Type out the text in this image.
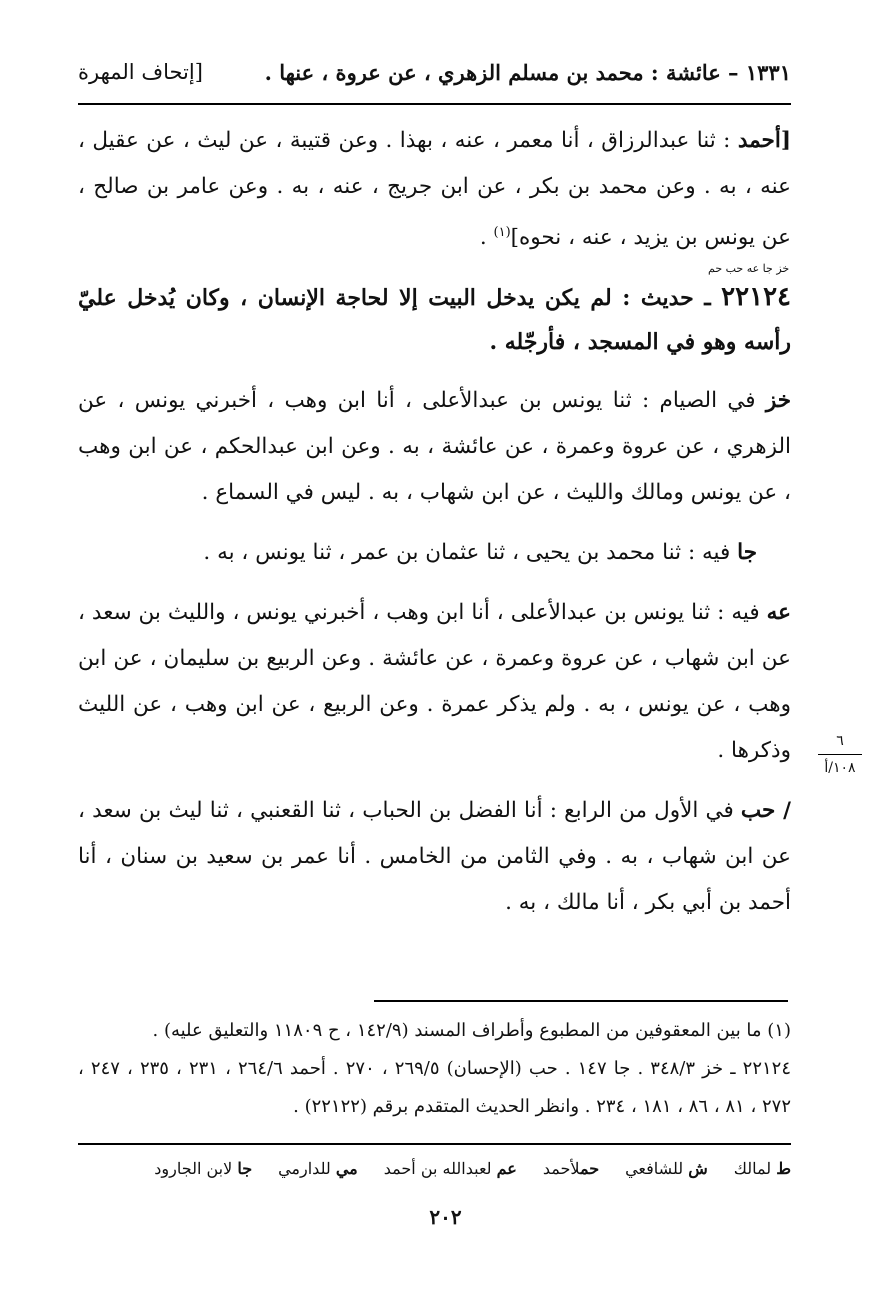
١٣٣١ – عائشة : محمد بن مسلم الزهري ، عن عروة ، عنها .
[إتحاف المهرة

[أحمد : ثنا عبدالرزاق ، أنا معمر ، عنه ، بهذا . وعن قتيبة ، عن ليث ، عن عقيل ، عنه ، به . وعن محمد بن بكر ، عن ابن جريج ، عنه ، به . وعن عامر بن صالح ، عن يونس بن يزيد ، عنه ، نحوه]$^{(١)}$ .

خز جا عه حب حم
٢٢١٢٤ ـ حديث : لم يكن يدخل البيت إلا لحاجة الإنسان ، وكان يُدخل عليّ رأسه وهو في المسجد ، فأرجّله .

خز في الصيام : ثنا يونس بن عبدالأعلى ، أنا ابن وهب ، أخبرني يونس ، عن الزهري ، عن عروة وعمرة ، عن عائشة ، به . وعن ابن عبدالحكم ، عن ابن وهب ، عن يونس ومالك والليث ، عن ابن شهاب ، به . ليس في السماع .

جا فيه : ثنا محمد بن يحيى ، ثنا عثمان بن عمر ، ثنا يونس ، به .

عه فيه : ثنا يونس بن عبدالأعلى ، أنا ابن وهب ، أخبرني يونس ، والليث بن سعد ، عن ابن شهاب ، عن عروة وعمرة ، عن عائشة . وعن الربيع بن سليمان ، عن ابن وهب ، عن يونس ، به . ولم يذكر عمرة . وعن الربيع ، عن ابن وهب ، عن الليث وذكرها .

/ حب في الأول من الرابع : أنا الفضل بن الحباب ، ثنا القعنبي ، ثنا ليث بن سعد ، عن ابن شهاب ، به . وفي الثامن من الخامس . أنا عمر بن سعيد بن سنان ، أنا أحمد بن أبي بكر ، أنا مالك ، به .

٦
١٠٨/أ

(١) ما بين المعقوفين من المطبوع وأطراف المسند (١٤٢/٩ ، ح ١١٨٠٩ والتعليق عليه) .

٢٢١٢٤ ـ خز ٣٤٨/٣ . جا ١٤٧ . حب (الإحسان) ٢٦٩/٥ ، ٢٧٠ . أحمد ٢٦٤/٦ ، ٢٣١ ، ٢٣٥ ، ٢٤٧ ، ٢٧٢ ، ٨١ ، ٨٦ ، ١٨١ ، ٢٣٤ . وانظر الحديث المتقدم برقم (٢٢١٢٢) .

ط لمالك
ش للشافعي
حملأحمد
عم لعبدالله بن أحمد
مي للدارمي
جا لابن الجارود
٢٠٢
